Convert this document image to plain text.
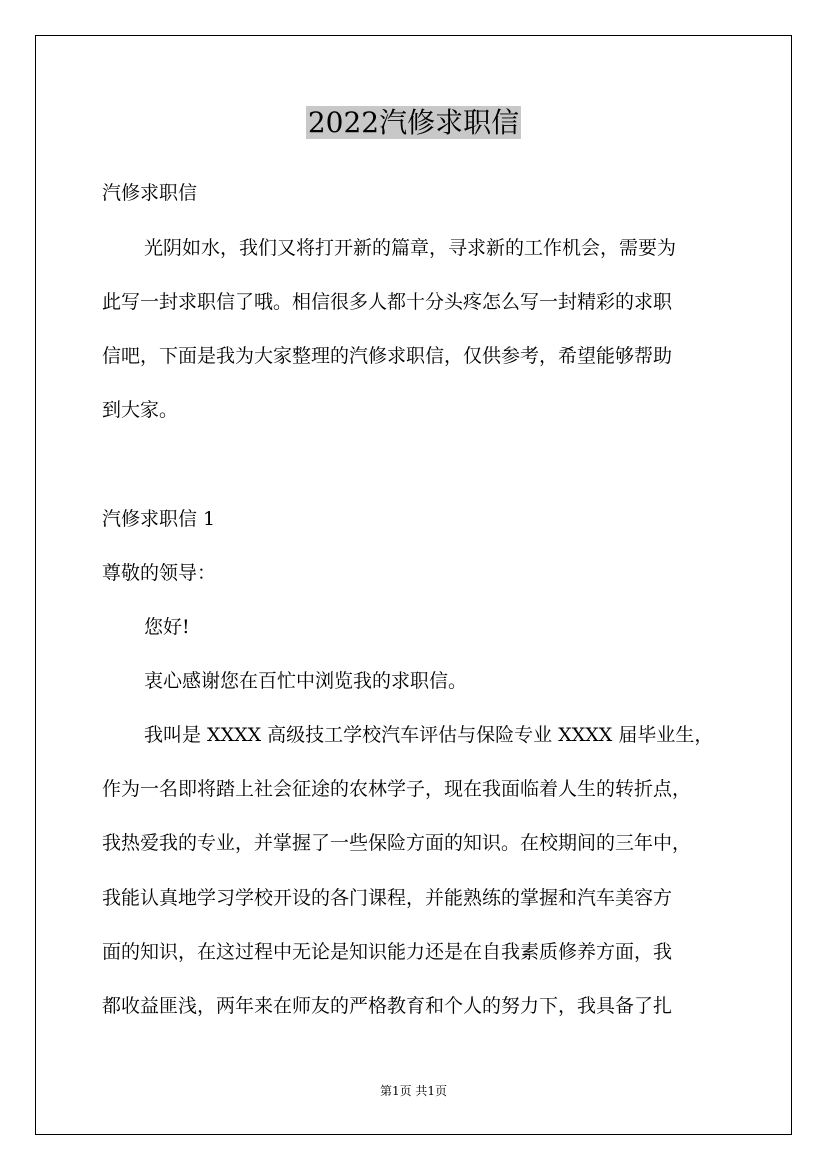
2022汽修求职信
汽修求职信
光阴如水，我们又将打开新的篇章，寻求新的工作机会，需要为
此写一封求职信了哦。相信很多人都十分头疼怎么写一封精彩的求职
信吧，下面是我为大家整理的汽修求职信，仅供参考，希望能够帮助
到大家。
汽修求职信 1
尊敬的领导：
您好!
衷心感谢您在百忙中浏览我的求职信。
我叫是 XXXX 高级技工学校汽车评估与保险专业 XXXX 届毕业生，
作为一名即将踏上社会征途的农林学子，现在我面临着人生的转折点，
我热爱我的专业，并掌握了一些保险方面的知识。在校期间的三年中，
我能认真地学习学校开设的各门课程，并能熟练的掌握和汽车美容方
面的知识，在这过程中无论是知识能力还是在自我素质修养方面，我
都收益匪浅，两年来在师友的严格教育和个人的努力下，我具备了扎
第1页 共1页
